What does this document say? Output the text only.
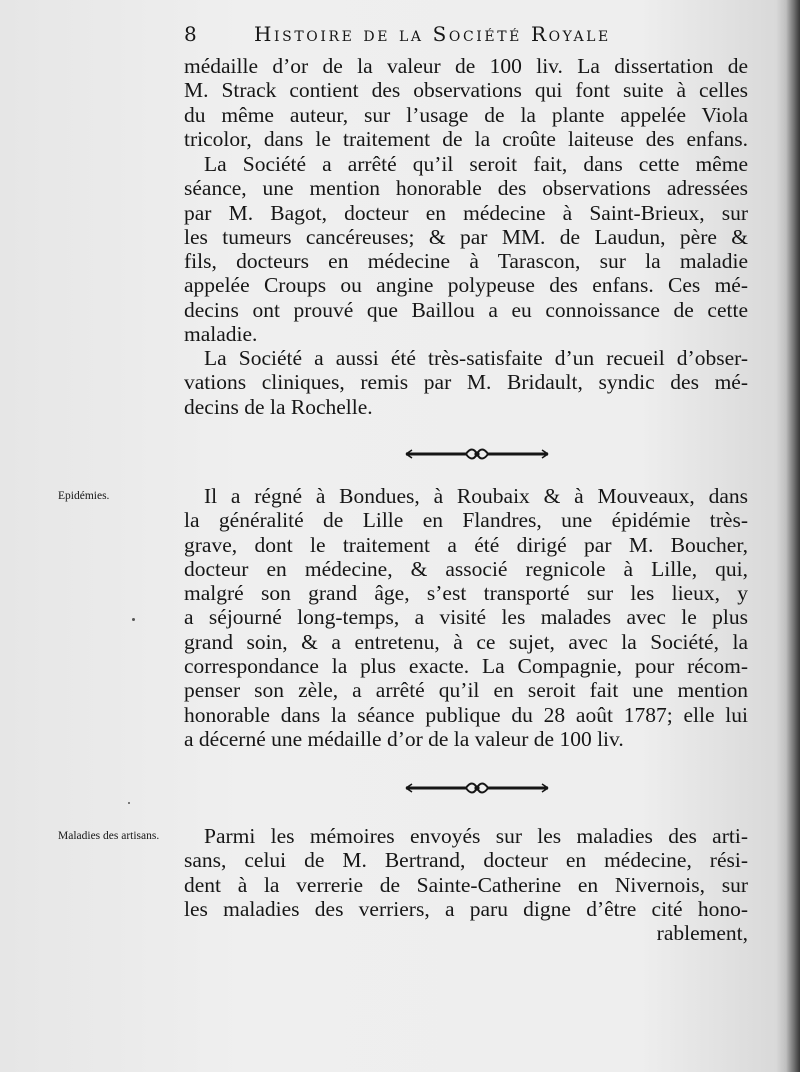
8	Histoire de la Société Royale
médaille d’or de la valeur de 100 liv. La dissertation de
M. Strack contient des observations qui font suite à celles
du même auteur, sur l’usage de la plante appelée Viola
tricolor, dans le traitement de la croûte laiteuse des enfans.
La Société a arrêté qu’il seroit fait, dans cette même
séance, une mention honorable des observations adressées
par M. Bagot, docteur en médecine à Saint-Brieux, sur
les tumeurs cancéreuses; & par MM. de Laudun, père &
fils, docteurs en médecine à Tarascon, sur la maladie
appelée Croups ou angine polypeuse des enfans. Ces mé-
decins ont prouvé que Baillou a eu connoissance de cette
maladie.
La Société a aussi été très-satisfaite d’un recueil d’obser-
vations cliniques, remis par M. Bridault, syndic des mé-
decins de la Rochelle.
Epidémies.	Il a régné à Bondues, à Roubaix & à Mouveaux, dans
la généralité de Lille en Flandres, une épidémie très-
grave, dont le traitement a été dirigé par M. Boucher,
docteur en médecine, & associé regnicole à Lille, qui,
malgré son grand âge, s’est transporté sur les lieux, y
a séjourné long-temps, a visité les malades avec le plus
grand soin, & a entretenu, à ce sujet, avec la Société, la
correspondance la plus exacte. La Compagnie, pour récom-
penser son zèle, a arrêté qu’il en seroit fait une mention
honorable dans la séance publique du 28 août 1787; elle lui
a décerné une médaille d’or de la valeur de 100 liv.
Maladies des artisans.	Parmi les mémoires envoyés sur les maladies des arti-
sans, celui de M. Bertrand, docteur en médecine, rési-
dent à la verrerie de Sainte-Catherine en Nivernois, sur
les maladies des verriers, a paru digne d’être cité hono-
rablement,
